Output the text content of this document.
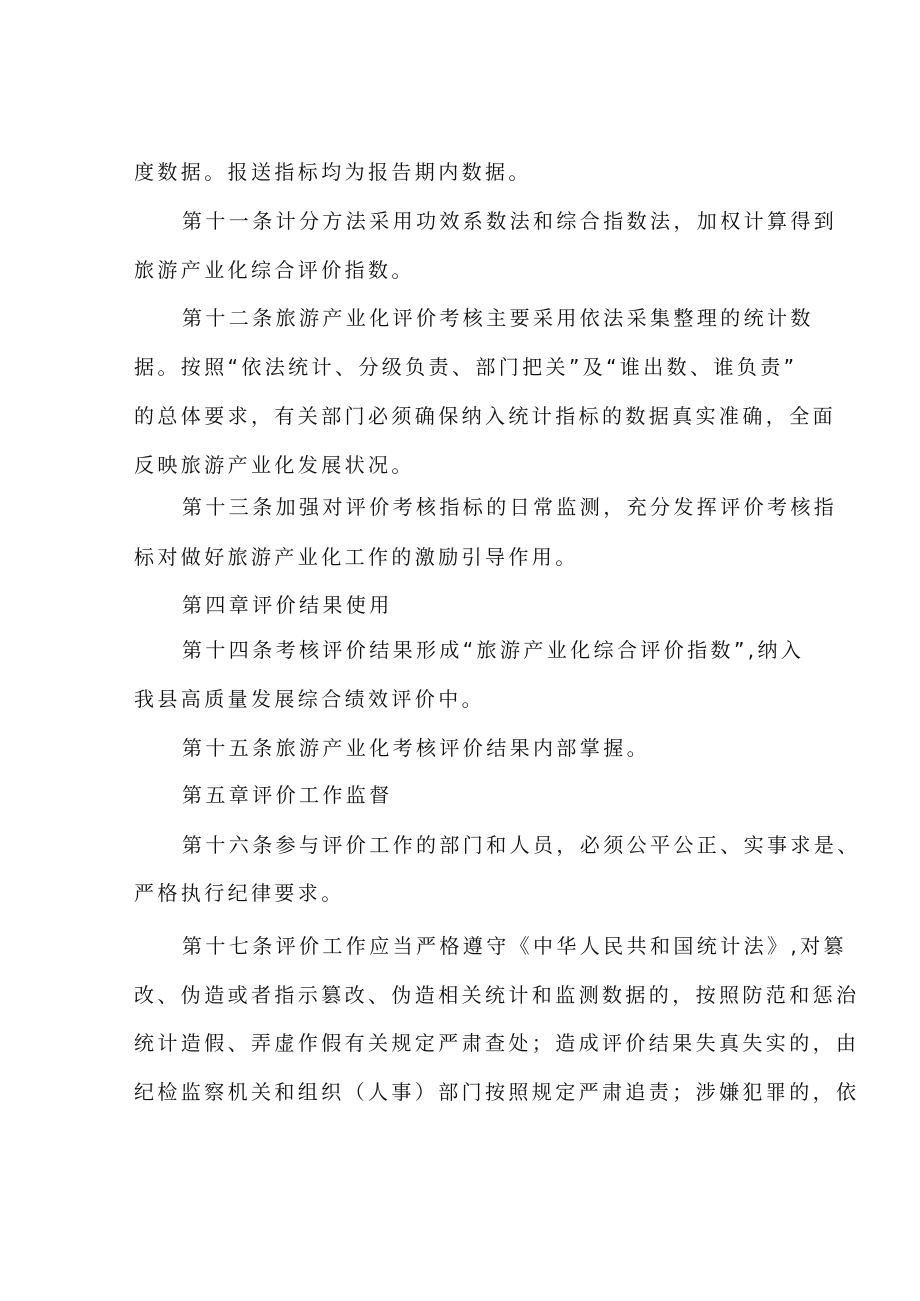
度数据。报送指标均为报告期内数据。
第十一条计分方法采用功效系数法和综合指数法，加权计算得到
旅游产业化综合评价指数。
第十二条旅游产业化评价考核主要采用依法采集整理的统计数
据。按照“依法统计、分级负责、部门把关”及“谁出数、谁负责”
的总体要求，有关部门必须确保纳入统计指标的数据真实准确，全面
反映旅游产业化发展状况。
第十三条加强对评价考核指标的日常监测，充分发挥评价考核指
标对做好旅游产业化工作的激励引导作用。
第四章评价结果使用
第十四条考核评价结果形成“旅游产业化综合评价指数”,纳入
我县高质量发展综合绩效评价中。
第十五条旅游产业化考核评价结果内部掌握。
第五章评价工作监督
第十六条参与评价工作的部门和人员，必须公平公正、实事求是、
严格执行纪律要求。
第十七条评价工作应当严格遵守《中华人民共和国统计法》,对篡
改、伪造或者指示篡改、伪造相关统计和监测数据的，按照防范和惩治
统计造假、弄虚作假有关规定严肃查处；造成评价结果失真失实的，由
纪检监察机关和组织（人事）部门按照规定严肃追责；涉嫌犯罪的，依
